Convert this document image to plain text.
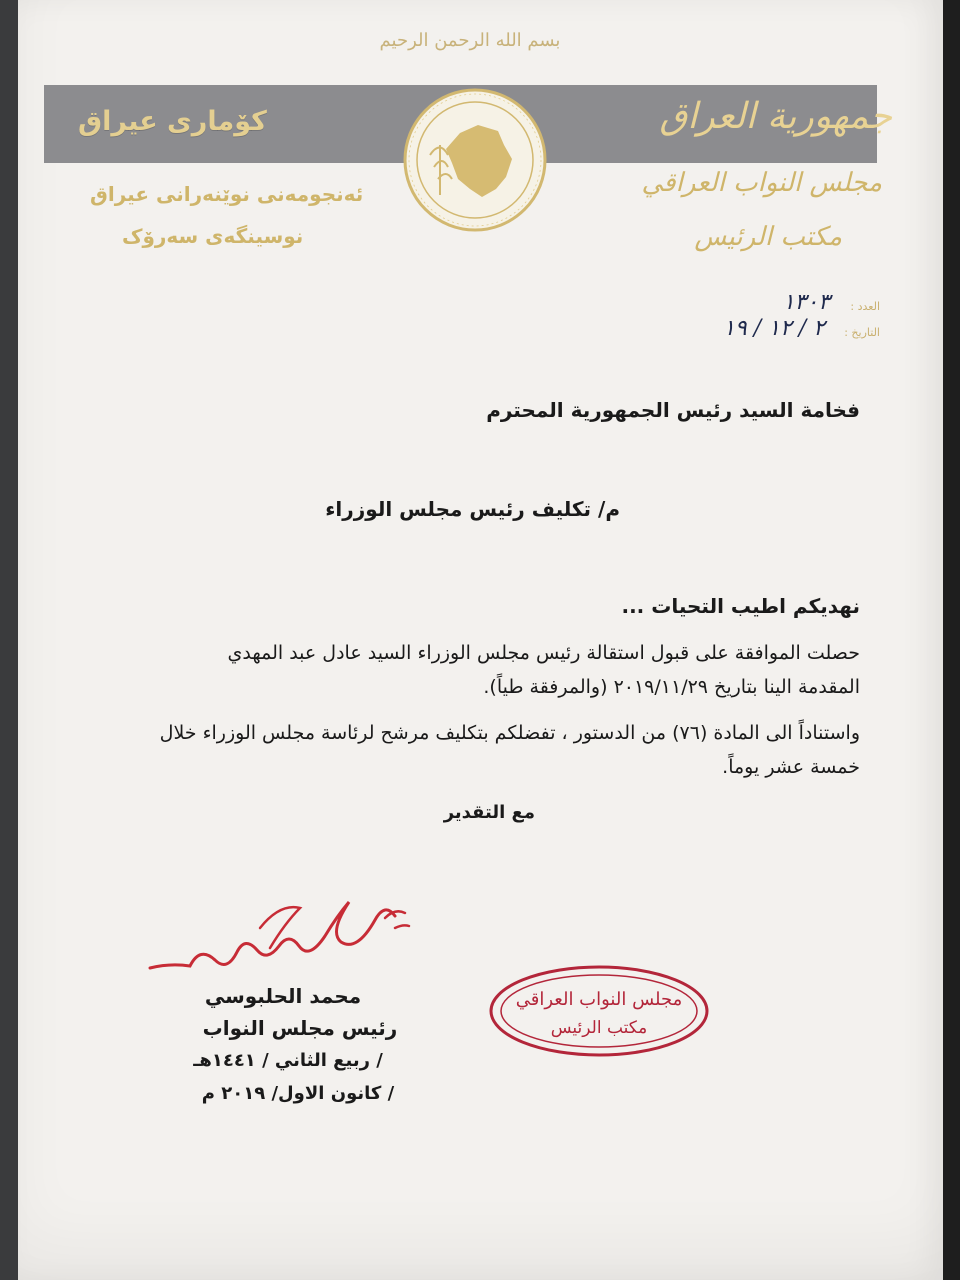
بسم الله الرحمن الرحيم
كۆمارى عيراق	جمهورية العراق
ئەنجومەنی نوێنەرانی عیراق
نوسینگەی سەرۆک
مجلس النواب العراقي
مكتب الرئيس
العدد :
١٣٠٣
التاريخ :
٢ / ١٢ / ١٩
فخامة السيد رئيس الجمهورية المحترم
م/ تكليف رئيس مجلس الوزراء
نهديكم اطيب التحيات ...
حصلت الموافقة على قبول استقالة رئيس مجلس الوزراء السيد عادل عبد المهدي
المقدمة الينا بتاريخ ٢٠١٩/١١/٢٩ (والمرفقة طياً).
واستناداً الى المادة (٧٦) من الدستور ، تفضلكم بتكليف مرشح لرئاسة مجلس الوزراء خلال
خمسة عشر يوماً.
مع التقدير
محمد الحلبوسي
رئيس مجلس النواب
/ ربيع الثاني / ١٤٤١هـ
/ كانون الاول/ ٢٠١٩ م
مجلس النواب العراقي
مكتب الرئيس
